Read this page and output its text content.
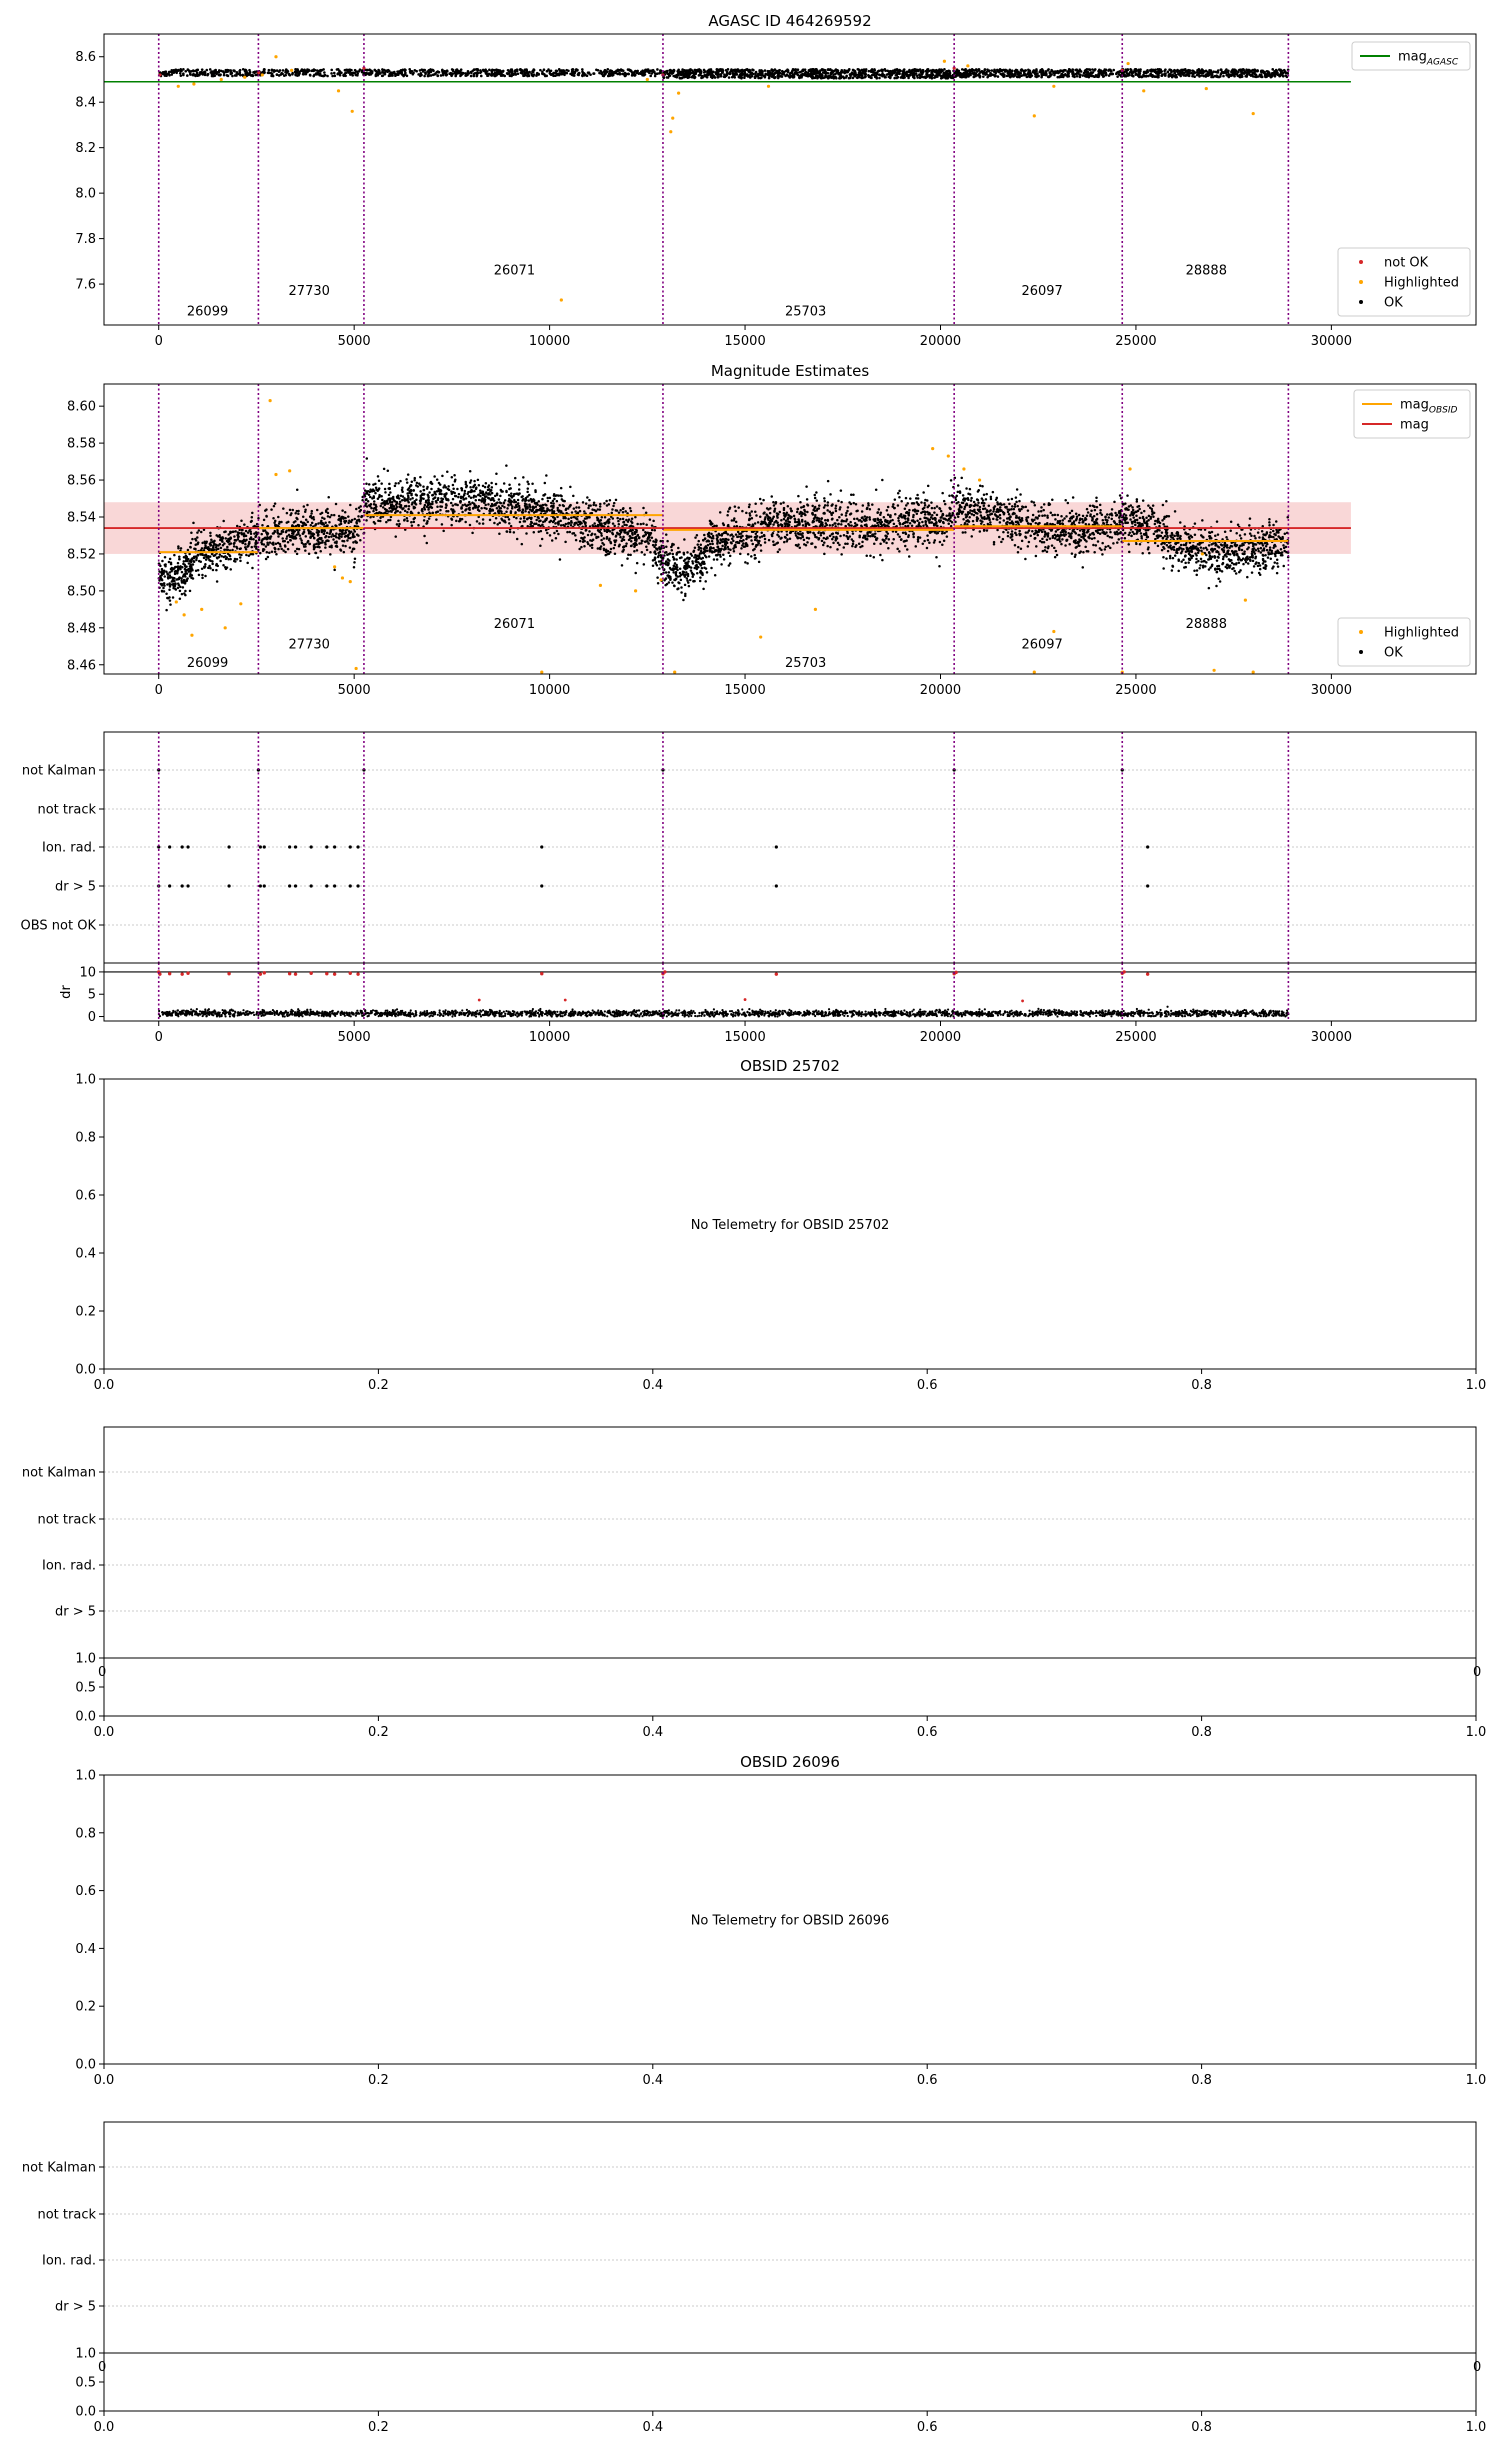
AGASC ID 464269592
26099
27730
26071
25703
26097
28888
0	5000	10000	15000	20000	25000	30000
7.6
7.8
8.0
8.2
8.4
8.6	mag$_{AGASC}$
not OK
Highlighted
OK
Magnitude Estimates
26099
27730
26071
25703
26097
28888
0	5000	10000	15000	20000	25000	30000
8.46
8.48
8.50
8.52
8.54
8.56
8.58
8.60	mag$_{OBSID}$
mag
Highlighted
OK
not Kalman
not track
Ion. rad.
dr > 5
OBS not OK
0	5000	10000	15000	20000	25000	30000
0
5
10
dr
OBSID 25702
No Telemetry for OBSID 25702
0.0	0.2	0.4	0.6	0.8	1.0
0.0
0.2
0.4
0.6
0.8
1.0
OBSID 26096
No Telemetry for OBSID 26096
0.0	0.2	0.4	0.6	0.8	1.0
0.0
0.2
0.4
0.6
0.8
1.0
not Kalman
not track
Ion. rad.
dr > 5
0	0
1.0
0.5
0.0
0.0	0.2	0.4	0.6	0.8	1.0
not Kalman
not track
Ion. rad.
dr > 5
0	0
1.0
0.5
0.0
0.0	0.2	0.4	0.6	0.8	1.0
